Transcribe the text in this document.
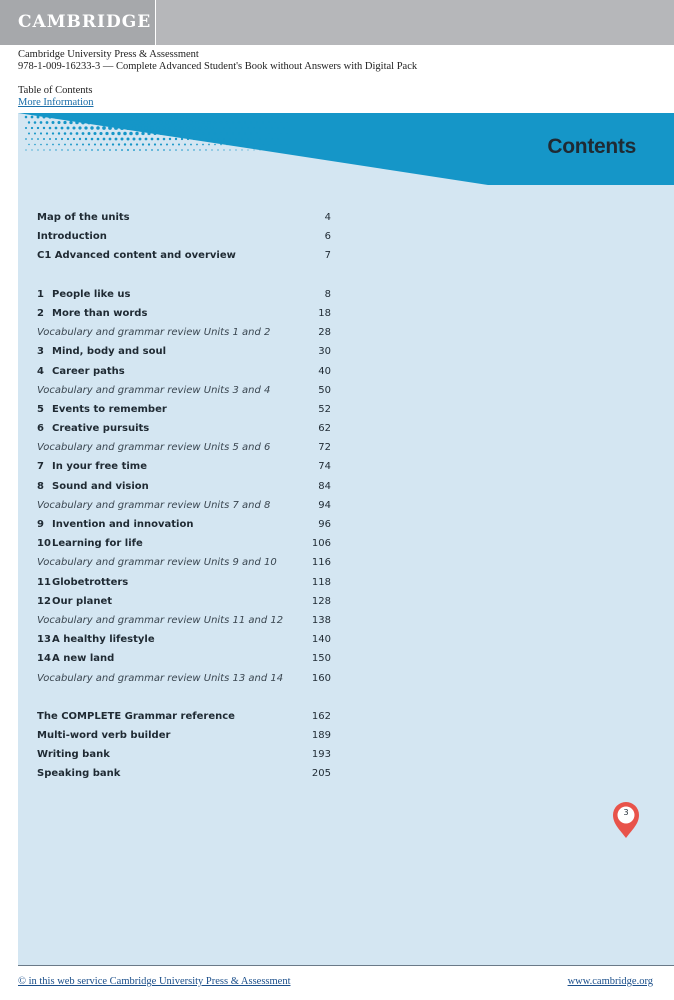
CAMBRIDGE
Cambridge University Press & Assessment
978-1-009-16233-3 — Complete Advanced Student's Book without Answers with Digital Pack
Table of Contents
More Information
Contents
Map of the units	4
Introduction	6
C1 Advanced content and overview	7
1 People like us	8
2 More than words	18
Vocabulary and grammar review Units 1 and 2	28
3 Mind, body and soul	30
4 Career paths	40
Vocabulary and grammar review Units 3 and 4	50
5 Events to remember	52
6 Creative pursuits	62
Vocabulary and grammar review Units 5 and 6	72
7 In your free time	74
8 Sound and vision	84
Vocabulary and grammar review Units 7 and 8	94
9 Invention and innovation	96
10Learning for life	106
Vocabulary and grammar review Units 9 and 10	116
11Globetrotters	118
12Our planet	128
Vocabulary and grammar review Units 11 and 12	138
13A healthy lifestyle	140
14A new land	150
Vocabulary and grammar review Units 13 and 14	160
The COMPLETE Grammar reference	162
Multi-word verb builder	189
Writing bank	193
Speaking bank	205
3
© in this web service Cambridge University Press & Assessment	www.cambridge.org
